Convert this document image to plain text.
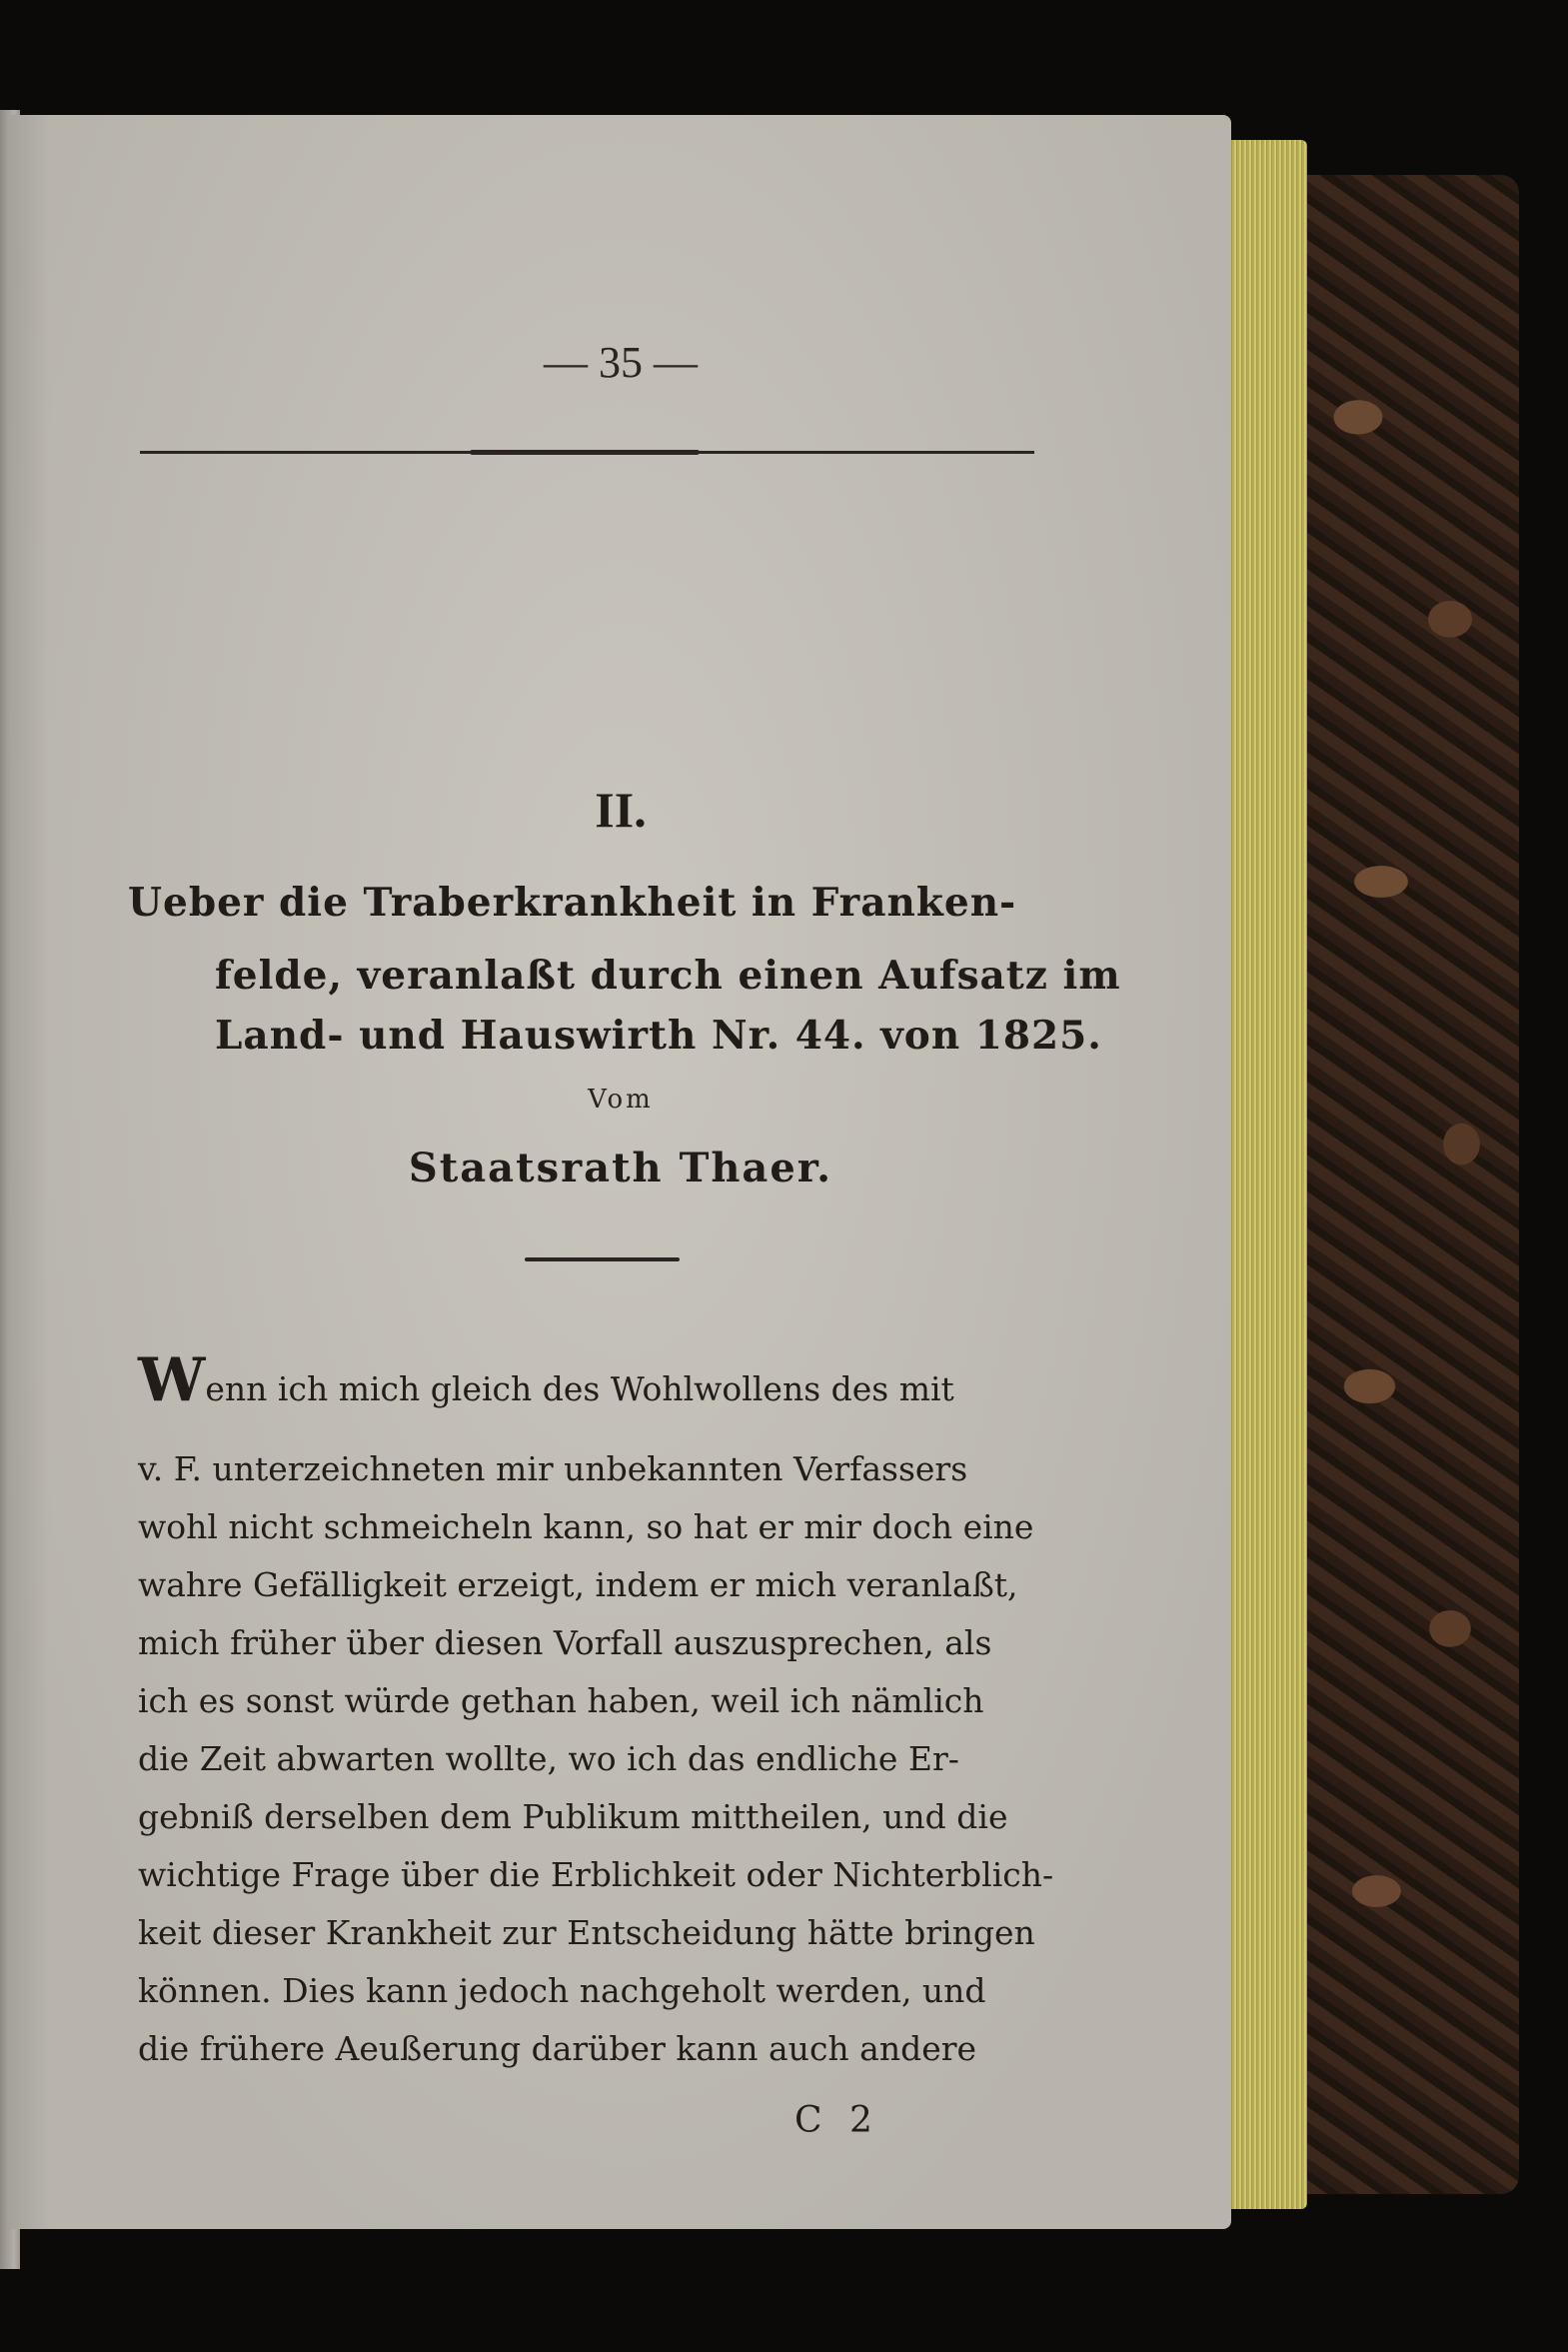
— 35 —
II.
Ueber die Traberkrankheit in Franken-
felde, veranlaßt durch einen Aufsatz im
Land- und Hauswirth Nr. 44. von 1825.
Vom
Staatsrath Thaer.
Wenn ich mich gleich des Wohlwollens des mit
v. F. unterzeichneten mir unbekannten Verfassers
wohl nicht schmeicheln kann, so hat er mir doch eine
wahre Gefälligkeit erzeigt, indem er mich veranlaßt,
mich früher über diesen Vorfall auszusprechen, als
ich es sonst würde gethan haben, weil ich nämlich
die Zeit abwarten wollte, wo ich das endliche Er-
gebniß derselben dem Publikum mittheilen, und die
wichtige Frage über die Erblichkeit oder Nichterblich-
keit dieser Krankheit zur Entscheidung hätte bringen
können. Dies kann jedoch nachgeholt werden, und
die frühere Aeußerung darüber kann auch andere
C 2
